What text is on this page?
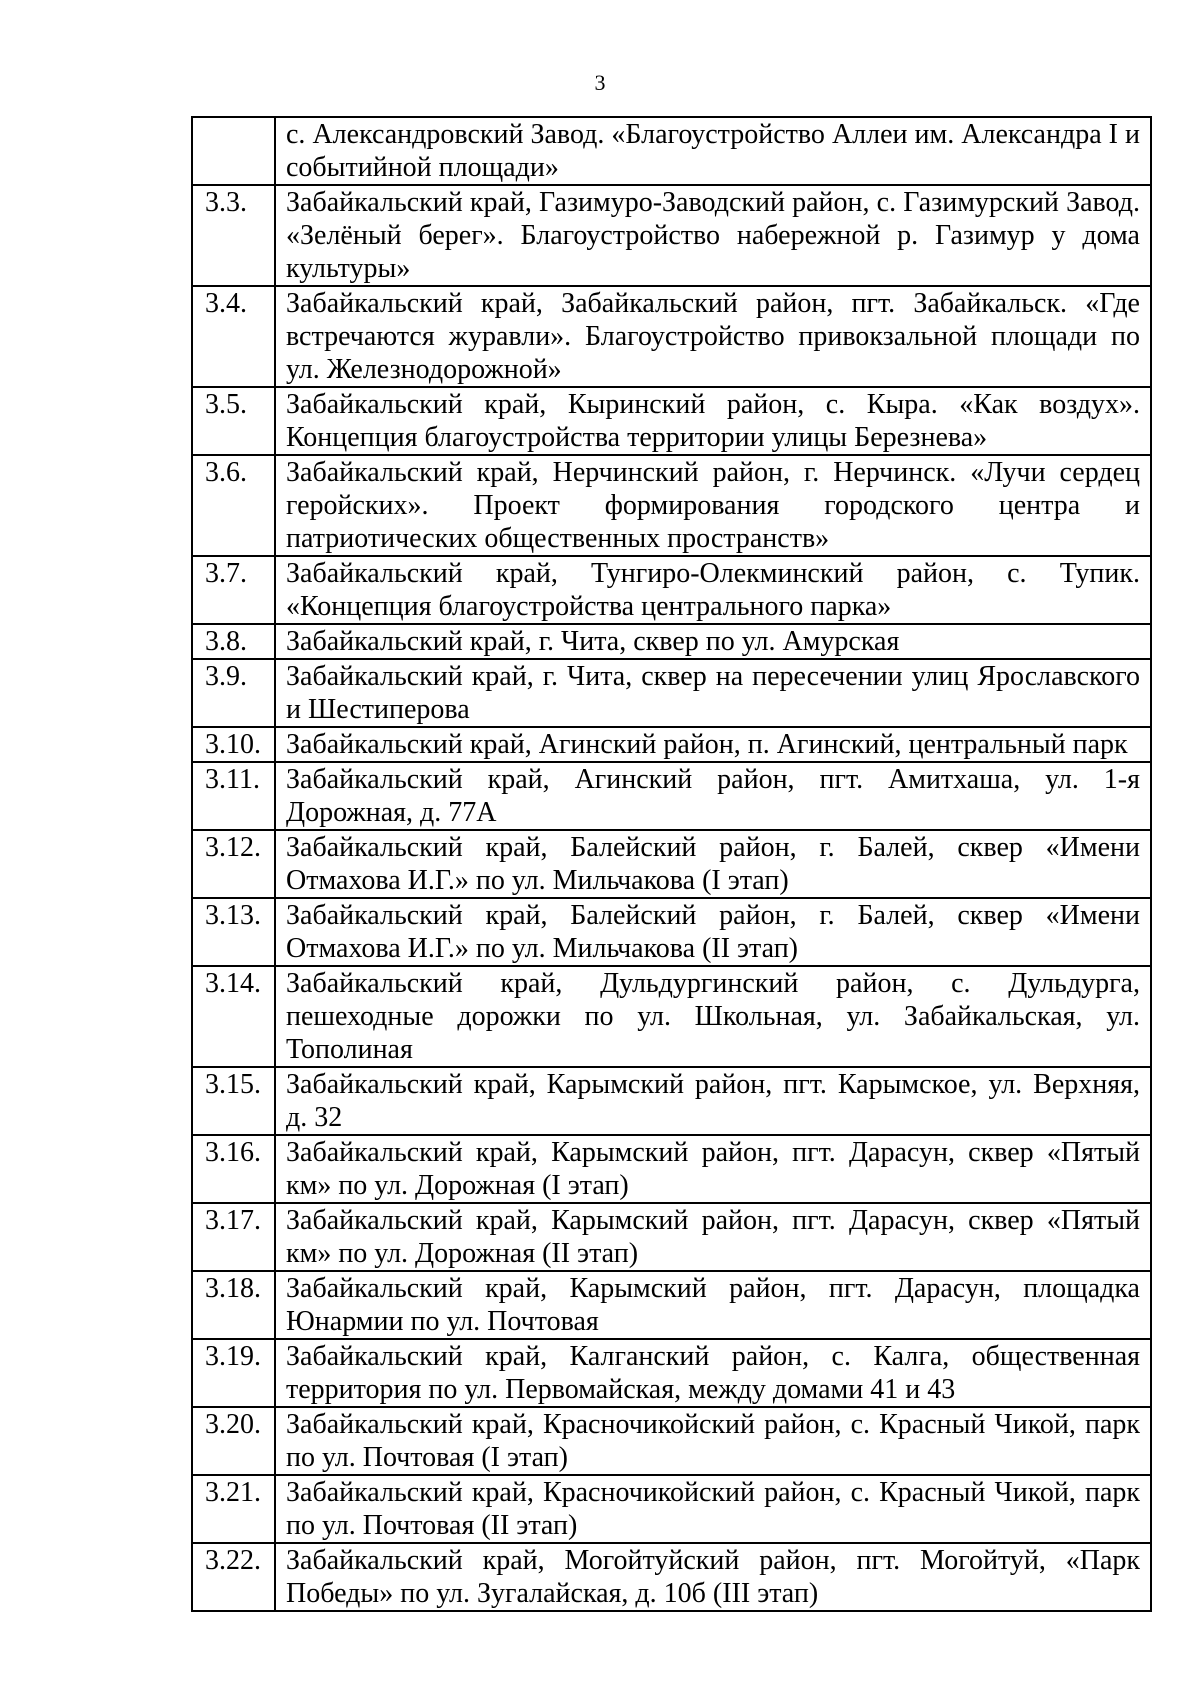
3
	с. Александровский Завод. «Благоустройство Аллеи им. Александра I и событийной площади»
3.3.	Забайкальский край, Газимуро-Заводский район, с. Газимурский Завод. «Зелёный берег». Благоустройство набережной р. Газимур у дома культуры»
3.4.	Забайкальский край, Забайкальский район, пгт. Забайкальск. «Где встречаются журавли». Благоустройство привокзальной площади по ул. Железнодорожной»
3.5.	Забайкальский край, Кыринский район, с. Кыра. «Как воздух». Концепция благоустройства территории улицы Березнева»
3.6.	Забайкальский край, Нерчинский район, г. Нерчинск. «Лучи сердец геройских». Проект формирования городского центра и патриотических общественных пространств»
3.7.	Забайкальский край, Тунгиро-Олекминский район, с. Тупик. «Концепция благоустройства центрального парка»
3.8.	Забайкальский край, г. Чита, сквер по ул. Амурская
3.9.	Забайкальский край, г. Чита, сквер на пересечении улиц Ярославского и Шестиперова
3.10.	Забайкальский край, Агинский район, п. Агинский, центральный парк
3.11.	Забайкальский край, Агинский район, пгт. Амитхаша, ул. 1-я Дорожная, д. 77А
3.12.	Забайкальский край, Балейский район, г. Балей, сквер «Имени Отмахова И.Г.» по ул. Мильчакова (I этап)
3.13.	Забайкальский край, Балейский район, г. Балей, сквер «Имени Отмахова И.Г.» по ул. Мильчакова (II этап)
3.14.	Забайкальский край, Дульдургинский район, с. Дульдурга, пешеходные дорожки по ул. Школьная, ул. Забайкальская, ул. Тополиная
3.15.	Забайкальский край, Карымский район, пгт. Карымское, ул. Верхняя, д. 32
3.16.	Забайкальский край, Карымский район, пгт. Дарасун, сквер «Пятый км» по ул. Дорожная (I этап)
3.17.	Забайкальский край, Карымский район, пгт. Дарасун, сквер «Пятый км» по ул. Дорожная (II этап)
3.18.	Забайкальский край, Карымский район, пгт. Дарасун, площадка Юнармии по ул. Почтовая
3.19.	Забайкальский край, Калганский район, с. Калга, общественная территория по ул. Первомайская, между домами 41 и 43
3.20.	Забайкальский край, Красночикойский район, с. Красный Чикой, парк по ул. Почтовая (I этап)
3.21.	Забайкальский край, Красночикойский район, с. Красный Чикой, парк по ул. Почтовая (II этап)
3.22.	Забайкальский край, Могойтуйский район, пгт. Могойтуй, «Парк Победы» по ул. Зугалайская, д. 10б (III этап)
